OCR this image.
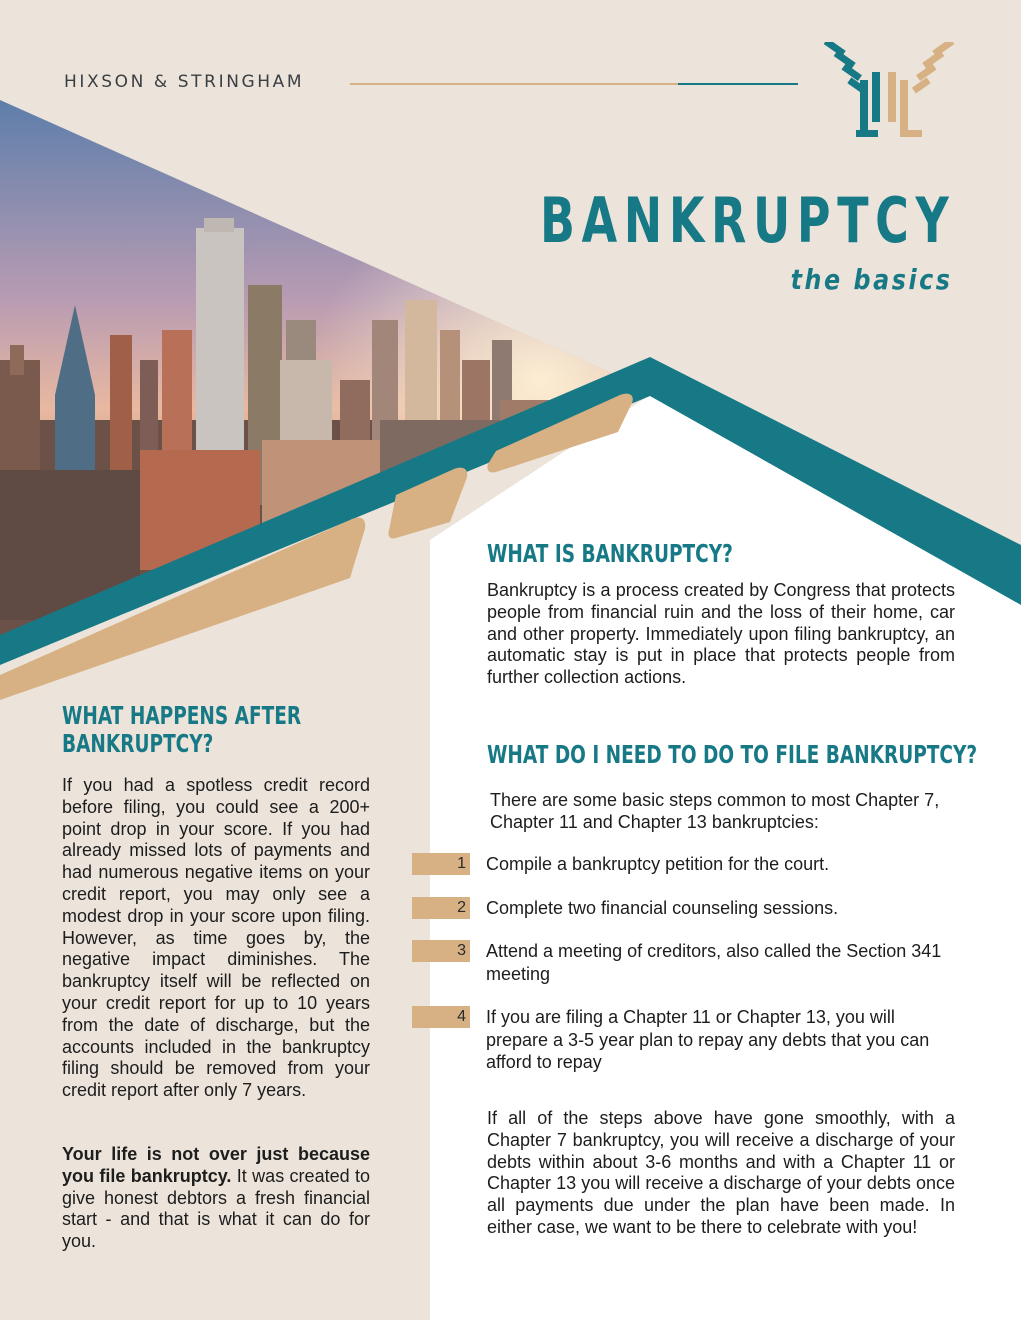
HIXSON & STRINGHAM
BANKRUPTCY
the basics
WHAT IS BANKRUPTCY?
Bankruptcy is a process created by Congress that protects people from financial ruin and the loss of their home, car and other property. Immediately upon filing bankruptcy, an automatic stay is put in place that protects people from further collection actions.
WHAT DO I NEED TO DO TO FILE BANKRUPTCY?
There are some basic steps common to most Chapter 7, Chapter 11 and Chapter 13 bankruptcies:
1 Compile a bankruptcy petition for the court.
2 Complete two financial counseling sessions.
3 Attend a meeting of creditors, also called the Section 341 meeting
4 If you are filing a Chapter 11 or Chapter 13, you will prepare a 3-5 year plan to repay any debts that you can afford to repay
If all of the steps above have gone smoothly, with a Chapter 7 bankruptcy, you will receive a discharge of your debts within about 3-6 months and with a Chapter 11 or Chapter 13 you will receive a discharge of your debts once all payments due under the plan have been made. In either case, we want to be there to celebrate with you!
WHAT HAPPENS AFTER
BANKRUPTCY?
If you had a spotless credit record before filing, you could see a 200+ point drop in your score. If you had already missed lots of payments and had numerous negative items on your credit report, you may only see a modest drop in your score upon filing. However, as time goes by, the negative impact diminishes. The bankruptcy itself will be reflected on your credit report for up to 10 years from the date of discharge, but the accounts included in the bankruptcy filing should be removed from your credit report after only 7 years.
Your life is not over just because you file bankruptcy. It was created to give honest debtors a fresh financial start - and that is what it can do for you.
